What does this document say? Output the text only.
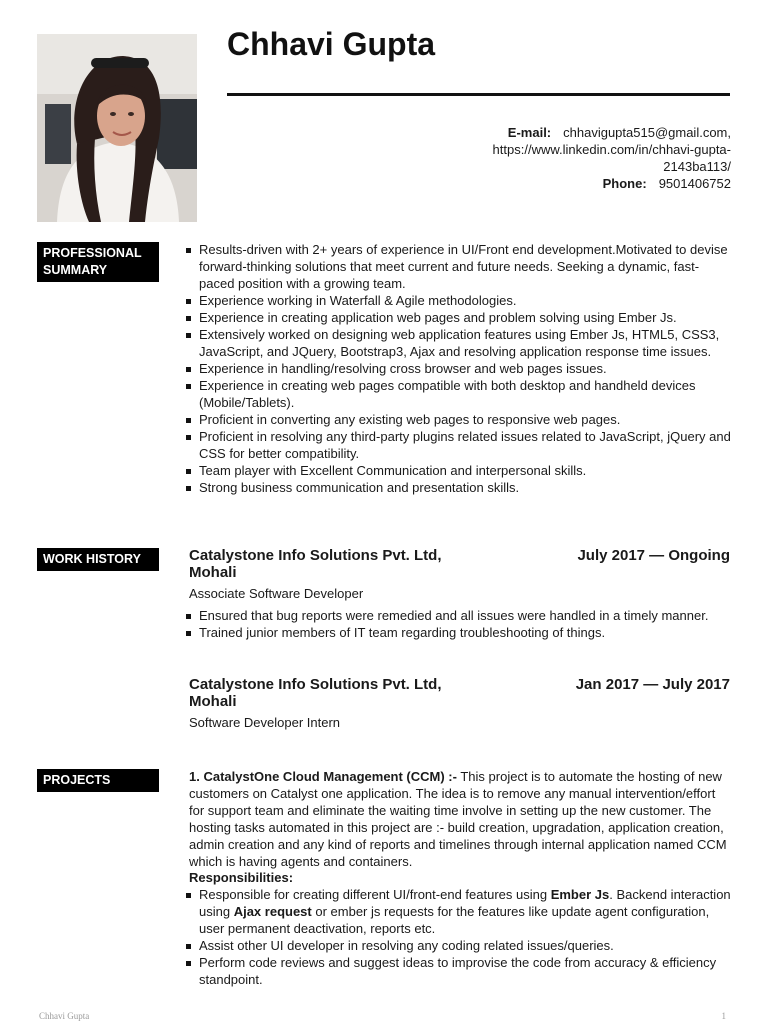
Chhavi Gupta
E-mail: chhavigupta515@gmail.com,
https://www.linkedin.com/in/chhavi-gupta-
2143ba113/
Phone: 9501406752
PROFESSIONAL
SUMMARY
Results-driven with 2+ years of experience in UI/Front end development.Motivated to devise forward-thinking solutions that meet current and future needs. Seeking a dynamic, fast-paced position with a growing team.
Experience working in Waterfall & Agile methodologies.
Experience in creating application web pages and problem solving using Ember Js.
Extensively worked on designing web application features using Ember Js, HTML5, CSS3, JavaScript, and JQuery, Bootstrap3, Ajax and resolving application response time issues.
Experience in handling/resolving cross browser and web pages issues.
Experience in creating web pages compatible with both desktop and handheld devices (Mobile/Tablets).
Proficient in converting any existing web pages to responsive web pages.
Proficient in resolving any third-party plugins related issues related to JavaScript, jQuery and CSS for better compatibility.
Team player with Excellent Communication and interpersonal skills.
Strong business communication and presentation skills.
WORK HISTORY	Catalystone Info Solutions Pvt. Ltd, Mohali
July 2017 — Ongoing
Associate Software Developer
Ensured that bug reports were remedied and all issues were handled in a timely manner.
Trained junior members of IT team regarding troubleshooting of things.
Catalystone Info Solutions Pvt. Ltd, Mohali
Jan 2017 — July 2017
Software Developer Intern
PROJECTS	1. CatalystOne Cloud Management (CCM) :- This project is to automate the hosting of new customers on Catalyst one application. The idea is to remove any manual intervention/effort for support team and eliminate the waiting time involve in setting up the new customer. The hosting tasks automated in this project are :- build creation, upgradation, application creation, admin creation and any kind of reports and timelines through internal application named CCM which is having agents and containers.

Responsibilities:
Responsible for creating different UI/front-end features using Ember Js. Backend interaction using Ajax request or ember js requests for the features like update agent configuration, user permanent deactivation, reports etc.
Assist other UI developer in resolving any coding related issues/queries.
Perform code reviews and suggest ideas to improvise the code from accuracy & efficiency standpoint.
Chhavi Gupta	1
